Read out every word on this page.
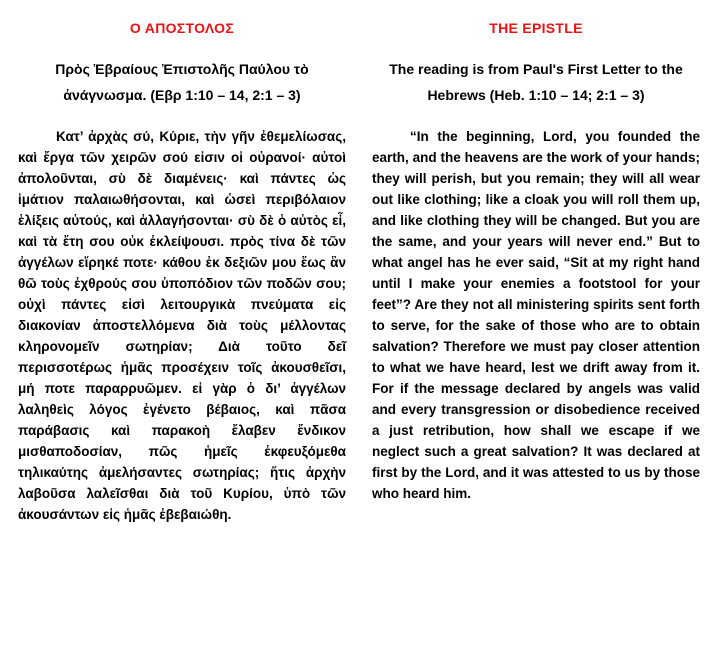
Ο ΑΠΟΣΤΟΛΟΣ
Πρὸς Ἑβραίους Ἐπιστολῆς Παύλου τὸ ἀνάγνωσμα. (Εβρ 1:10 – 14, 2:1 – 3)

Κατ’ ἀρχὰς σύ, Κύριε, τὴν γῆν ἐθεμελίωσας, καὶ ἔργα τῶν χειρῶν σού εἰσιν οἱ οὐρανοί· αὐτοὶ ἀπολοῦνται, σὺ δὲ διαμένεις· καὶ πάντες ὡς ἱμάτιον παλαιωθήσονται, καὶ ὡσεὶ περιβόλαιον ἑλίξεις αὐτούς, καὶ ἀλλαγήσονται· σὺ δὲ ὁ αὐτὸς εἶ, καὶ τὰ ἔτη σου οὐκ ἐκλείψουσι. πρὸς τίνα δὲ τῶν ἀγγέλων εἴρηκέ ποτε· κάθου ἐκ δεξιῶν μου ἕως ἂν θῶ τοὺς ἐχθρούς σου ὑποπόδιον τῶν ποδῶν σου; οὐχὶ πάντες εἰσὶ λειτουργικὰ πνεύματα εἰς διακονίαν ἀποστελλόμενα διὰ τοὺς μέλλοντας κληρονομεῖν σωτηρίαν; Διὰ τοῦτο δεῖ περισσοτέρως ἡμᾶς προσέχειν τοῖς ἀκουσθεῖσι, μή ποτε παραρρυῶμεν. εἰ γὰρ ὁ δι’ ἀγγέλων λαληθεὶς λόγος ἐγένετο βέβαιος, καὶ πᾶσα παράβασις καὶ παρακοὴ ἔλαβεν ἔνδικον μισθαποδοσίαν, πῶς ἡμεῖς ἐκφευξόμεθα τηλικαύτης ἀμελήσαντες σωτηρίας; ἥτις ἀρχὴν λαβοῦσα λαλεῖσθαι διὰ τοῦ Κυρίου, ὑπὸ τῶν ἀκουσάντων εἰς ἡμᾶς ἐβεβαιώθη.

THE EPISTLE
The reading is from Paul's First Letter to the Hebrews (Heb. 1:10 – 14; 2:1 – 3)

“In the beginning, Lord, you founded the earth, and the heavens are the work of your hands; they will perish, but you remain; they will all wear out like clothing; like a cloak you will roll them up, and like clothing they will be changed. But you are the same, and your years will never end.” But to what angel has he ever said, “Sit at my right hand until I make your enemies a footstool for your feet”? Are they not all ministering spirits sent forth to serve, for the sake of those who are to obtain salvation? Therefore we must pay closer attention to what we have heard, lest we drift away from it. For if the message declared by angels was valid and every transgression or disobedience received a just retribution, how shall we escape if we neglect such a great salvation? It was declared at first by the Lord, and it was attested to us by those who heard him.
